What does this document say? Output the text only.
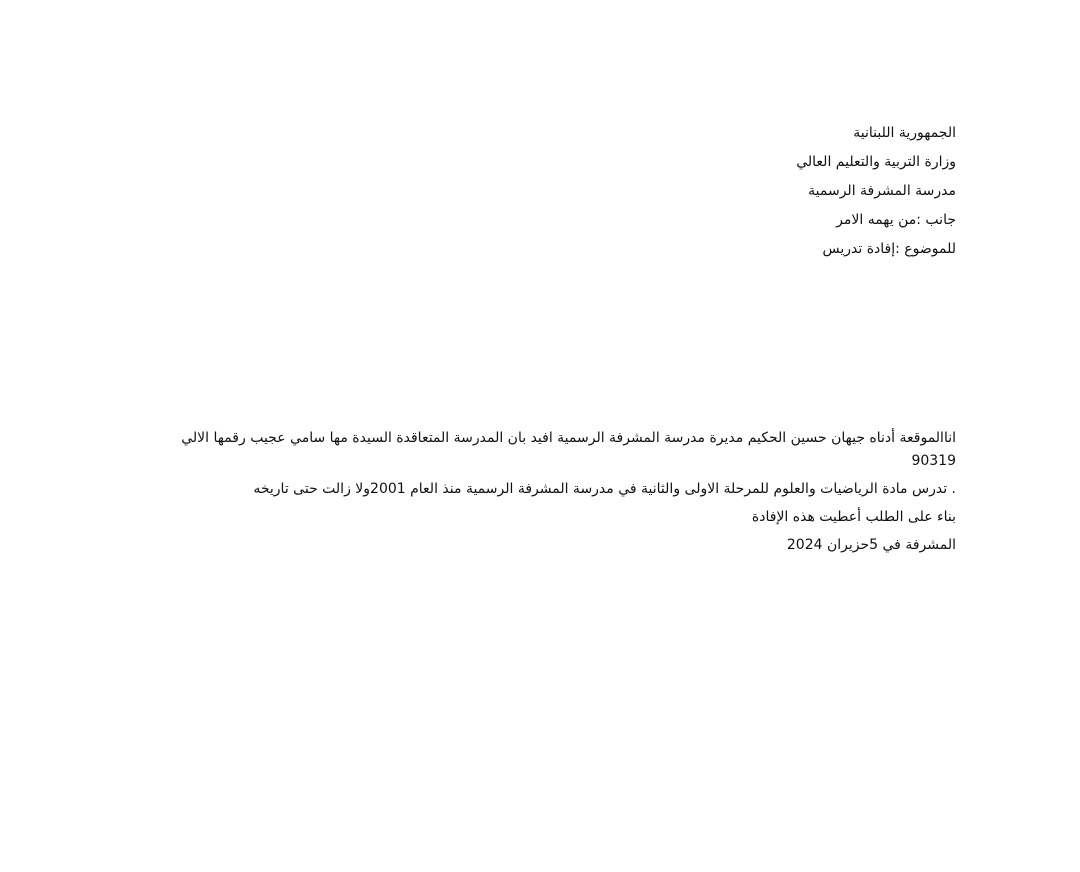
الجمهورية اللبنانية
وزارة التربية والتعليم العالي
مدرسة المشرفة الرسمية
جانب :من يهمه الامر
للموضوع :إفادة تدريس
اناالموقعة أدناه جيهان حسين الحكيم مديرة مدرسة المشرفة الرسمية افيد بان المدرسة المتعاقدة السيدة مها سامي عجيب رقمها الالي 90319
. تدرس مادة الرياضيات والعلوم للمرحلة الاولى والثانية في مدرسة المشرفة الرسمية منذ العام 2001ولا زالت حتى تاريخه
بناء على الطلب أعطيت هذه الإفادة
المشرفة في 5حزيران 2024
